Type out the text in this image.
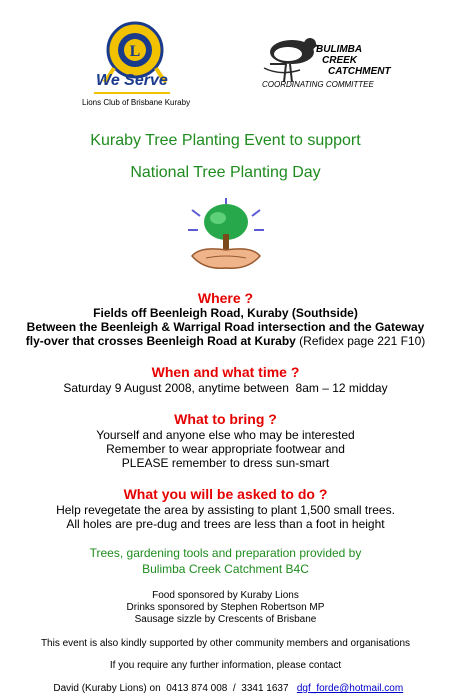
L
We Serve
Lions Club of Brisbane Kuraby
BULIMBA
CREEK
CATCHMENT
COORDINATING COMMITTEE
Kuraby Tree Planting Event to support
National Tree Planting Day
Where ?
Fields off Beenleigh Road, Kuraby (Southside)
Between the Beenleigh & Warrigal Road intersection and the Gateway
fly-over that crosses Beenleigh Road at Kuraby (Refidex page 221 F10)
When and what time ?
Saturday 9 August 2008, anytime between  8am – 12 midday
What to bring ?
Yourself and anyone else who may be interested
Remember to wear appropriate footwear and
PLEASE remember to dress sun-smart
What you will be asked to do ?
Help revegetate the area by assisting to plant 1,500 small trees.
All holes are pre-dug and trees are less than a foot in height
Trees, gardening tools and preparation provided by
Bulimba Creek Catchment B4C
Food sponsored by Kuraby Lions
Drinks sponsored by Stephen Robertson MP
Sausage sizzle by Crescents of Brisbane
This event is also kindly supported by other community members and organisations
If you require any further information, please contact

David (Kuraby Lions) on  0413 874 008  /  3341 1637 dgf_forde@hotmail.com
